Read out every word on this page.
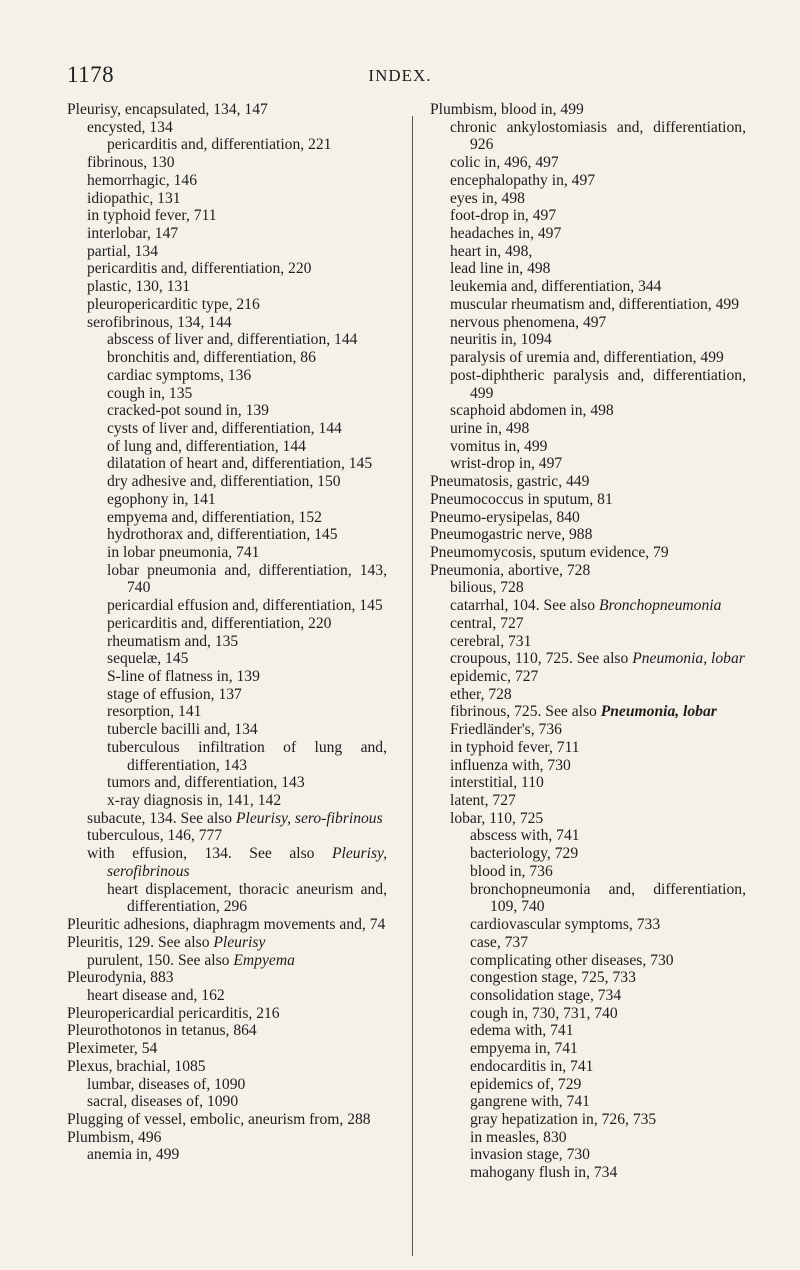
1178	INDEX.
Pleurisy, encapsulated, 134, 147
encysted, 134
pericarditis and, differentiation, 221
fibrinous, 130
hemorrhagic, 146
idiopathic, 131
in typhoid fever, 711
interlobar, 147
partial, 134
pericarditis and, differentiation, 220
plastic, 130, 131
pleuropericarditic type, 216
serofibrinous, 134, 144
abscess of liver and, differentiation, 144
bronchitis and, differentiation, 86
cardiac symptoms, 136
cough in, 135
cracked-pot sound in, 139
cysts of liver and, differentiation, 144
of lung and, differentiation, 144
dilatation of heart and, differentiation, 145
dry adhesive and, differentiation, 150
egophony in, 141
empyema and, differentiation, 152
hydrothorax and, differentiation, 145
in lobar pneumonia, 741
lobar pneumonia and, differentiation, 143, 740
pericardial effusion and, differentiation, 145
pericarditis and, differentiation, 220
rheumatism and, 135
sequelæ, 145
S-line of flatness in, 139
stage of effusion, 137
resorption, 141
tubercle bacilli and, 134
tuberculous infiltration of lung and, differentiation, 143
tumors and, differentiation, 143
x-ray diagnosis in, 141, 142
subacute, 134. See also Pleurisy, sero-fibrinous
tuberculous, 146, 777
with effusion, 134. See also Pleurisy, serofibrinous
heart displacement, thoracic aneurism and, differentiation, 296
Pleuritic adhesions, diaphragm movements and, 74
Pleuritis, 129. See also Pleurisy
purulent, 150. See also Empyema
Pleurodynia, 883
heart disease and, 162
Pleuropericardial pericarditis, 216
Pleurothotonos in tetanus, 864
Pleximeter, 54
Plexus, brachial, 1085
lumbar, diseases of, 1090
sacral, diseases of, 1090
Plugging of vessel, embolic, aneurism from, 288
Plumbism, 496
anemia in, 499
Plumbism, blood in, 499
chronic ankylostomiasis and, differentiation, 926
colic in, 496, 497
encephalopathy in, 497
eyes in, 498
foot-drop in, 497
headaches in, 497
heart in, 498,
lead line in, 498
leukemia and, differentiation, 344
muscular rheumatism and, differentiation, 499
nervous phenomena, 497
neuritis in, 1094
paralysis of uremia and, differentiation, 499
post-diphtheric paralysis and, differentiation, 499
scaphoid abdomen in, 498
urine in, 498
vomitus in, 499
wrist-drop in, 497
Pneumatosis, gastric, 449
Pneumococcus in sputum, 81
Pneumo-erysipelas, 840
Pneumogastric nerve, 988
Pneumomycosis, sputum evidence, 79
Pneumonia, abortive, 728
bilious, 728
catarrhal, 104. See also Bronchopneumonia
central, 727
cerebral, 731
croupous, 110, 725. See also Pneumonia, lobar
epidemic, 727
ether, 728
fibrinous, 725. See also Pneumonia, lobar
Friedländer's, 736
in typhoid fever, 711
influenza with, 730
interstitial, 110
latent, 727
lobar, 110, 725
abscess with, 741
bacteriology, 729
blood in, 736
bronchopneumonia and, differentiation, 109, 740
cardiovascular symptoms, 733
case, 737
complicating other diseases, 730
congestion stage, 725, 733
consolidation stage, 734
cough in, 730, 731, 740
edema with, 741
empyema in, 741
endocarditis in, 741
epidemics of, 729
gangrene with, 741
gray hepatization in, 726, 735
in measles, 830
invasion stage, 730
mahogany flush in, 734
